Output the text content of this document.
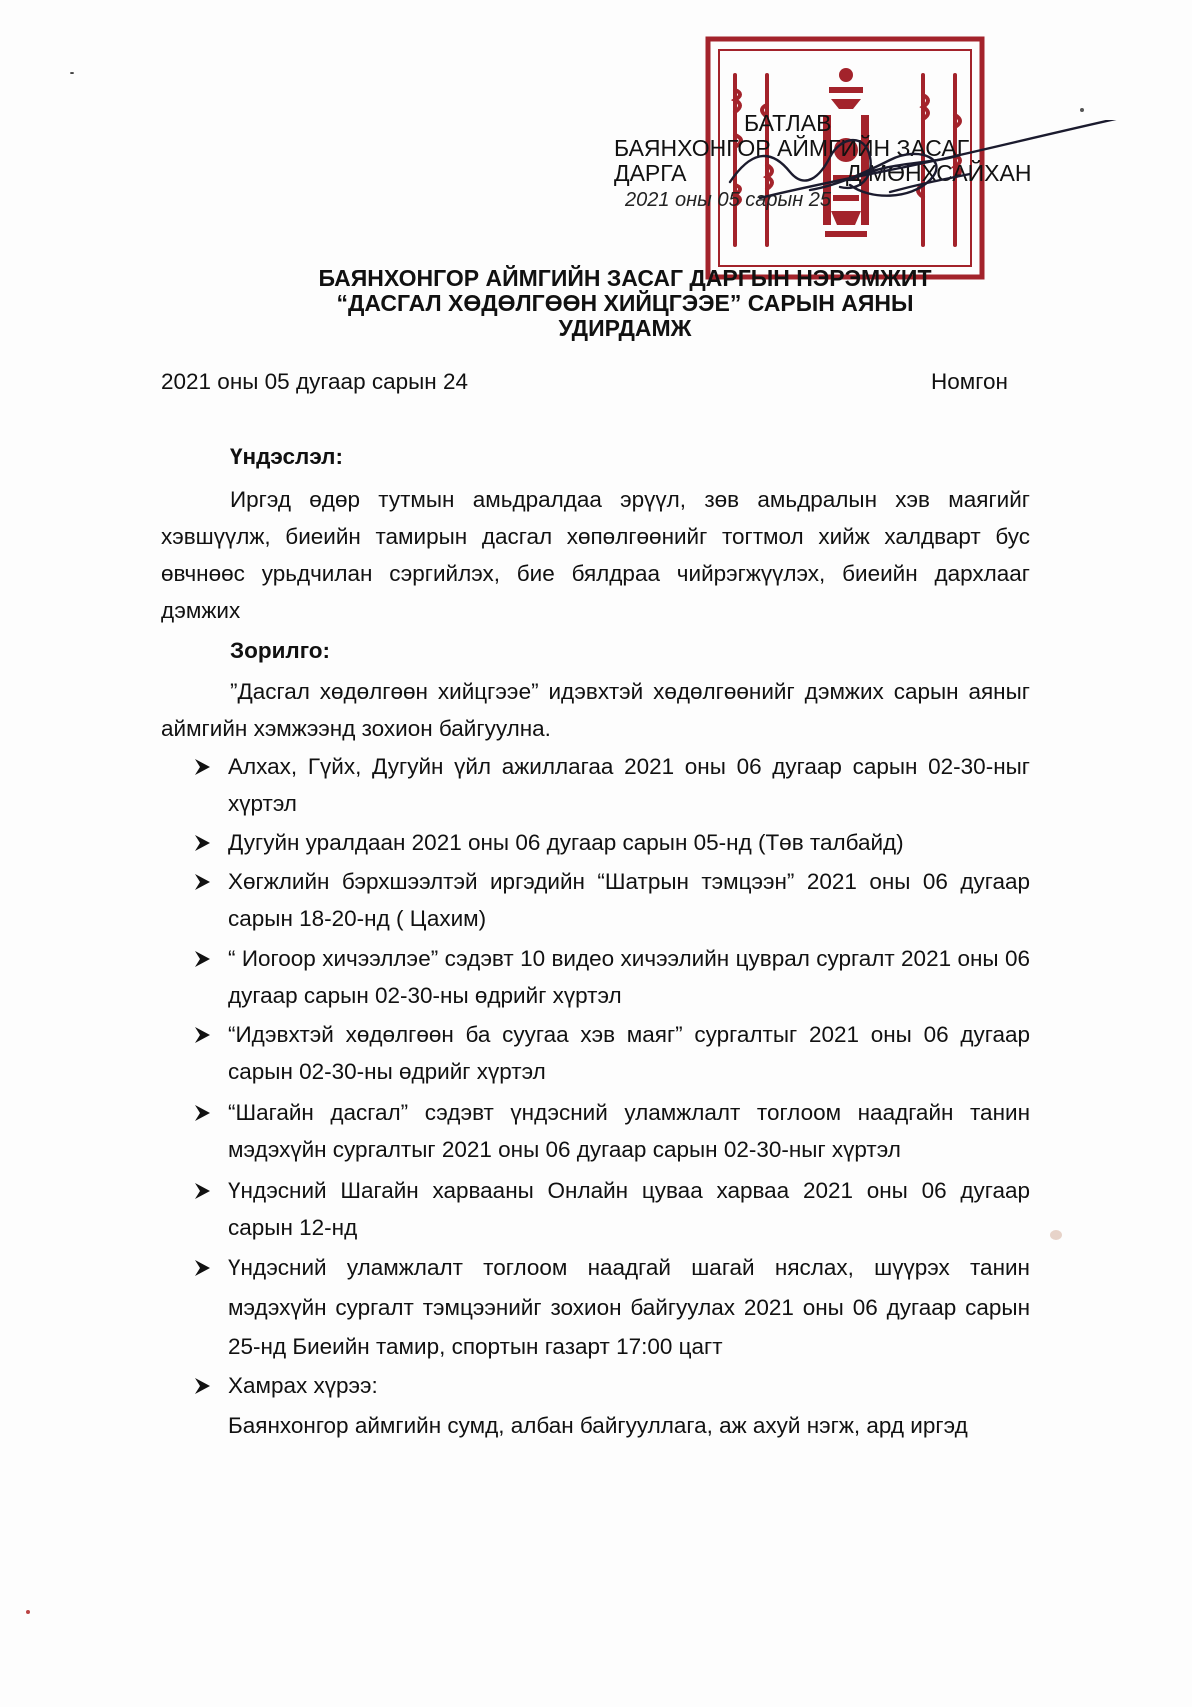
БАТЛАВ
БАЯНХОНГОР АЙМГИЙН ЗАСАГ
ДАРГА	Д.МӨНХСАЙХАН
2021 оны 05 сарын 25
БАЯНХОНГОР АЙМГИЙН ЗАСАГ ДАРГЫН НЭРЭМЖИТ
“ДАСГАЛ ХӨДӨЛГӨӨН ХИЙЦГЭЭЕ” САРЫН АЯНЫ
УДИРДАМЖ
2021 оны 05 дугаар сарын 24	Номгон
Үндэслэл:
Иргэд өдөр тутмын амьдралдаа эрүүл, зөв амьдралын хэв маягийг
хэвшүүлж, биеийн тамирын дасгал хөпөлгөөнийг тогтмол хийж халдварт бус
өвчнөөс урьдчилан сэргийлэх, бие бялдраа чийрэгжүүлэх, биеийн дархлааг
дэмжих
Зорилго:
”Дасгал хөдөлгөөн хийцгээе” идэвхтэй хөдөлгөөнийг дэмжих сарын аяныг
аймгийн хэмжээнд зохион байгуулна.
Алхах, Гүйх, Дугуйн үйл ажиллагаа 2021 оны 06 дугаар сарын 02-30-ныг
хүртэл
Дугуйн уралдаан 2021 оны 06 дугаар сарын 05-нд (Төв талбайд)
Хөгжлийн бэрхшээлтэй иргэдийн “Шатрын тэмцээн” 2021 оны 06 дугаар
сарын 18-20-нд ( Цахим)
“ Иогоор хичээллэе” сэдэвт 10 видео хичээлийн цуврал сургалт 2021 оны 06
дугаар сарын 02-30-ны өдрийг хүртэл
“Идэвхтэй хөдөлгөөн ба суугаа хэв маяг” сургалтыг 2021 оны 06 дугаар
сарын 02-30-ны өдрийг хүртэл
“Шагайн дасгал” сэдэвт үндэсний уламжлалт тоглоом наадгайн танин
мэдэхүйн сургалтыг 2021 оны 06 дугаар сарын 02-30-ныг хүртэл
Үндэсний Шагайн харвааны Онлайн цуваа харваа 2021 оны 06 дугаар
сарын 12-нд
Үндэсний уламжлалт тоглоом наадгай шагай няслах, шүүрэх танин
мэдэхүйн сургалт тэмцээнийг зохион байгуулах 2021 оны 06 дугаар сарын
25-нд Биеийн тамир, спортын газарт 17:00 цагт
Хамрах хүрээ:
Баянхонгор аймгийн сумд, албан байгууллага, аж ахуй нэгж, ард иргэд
